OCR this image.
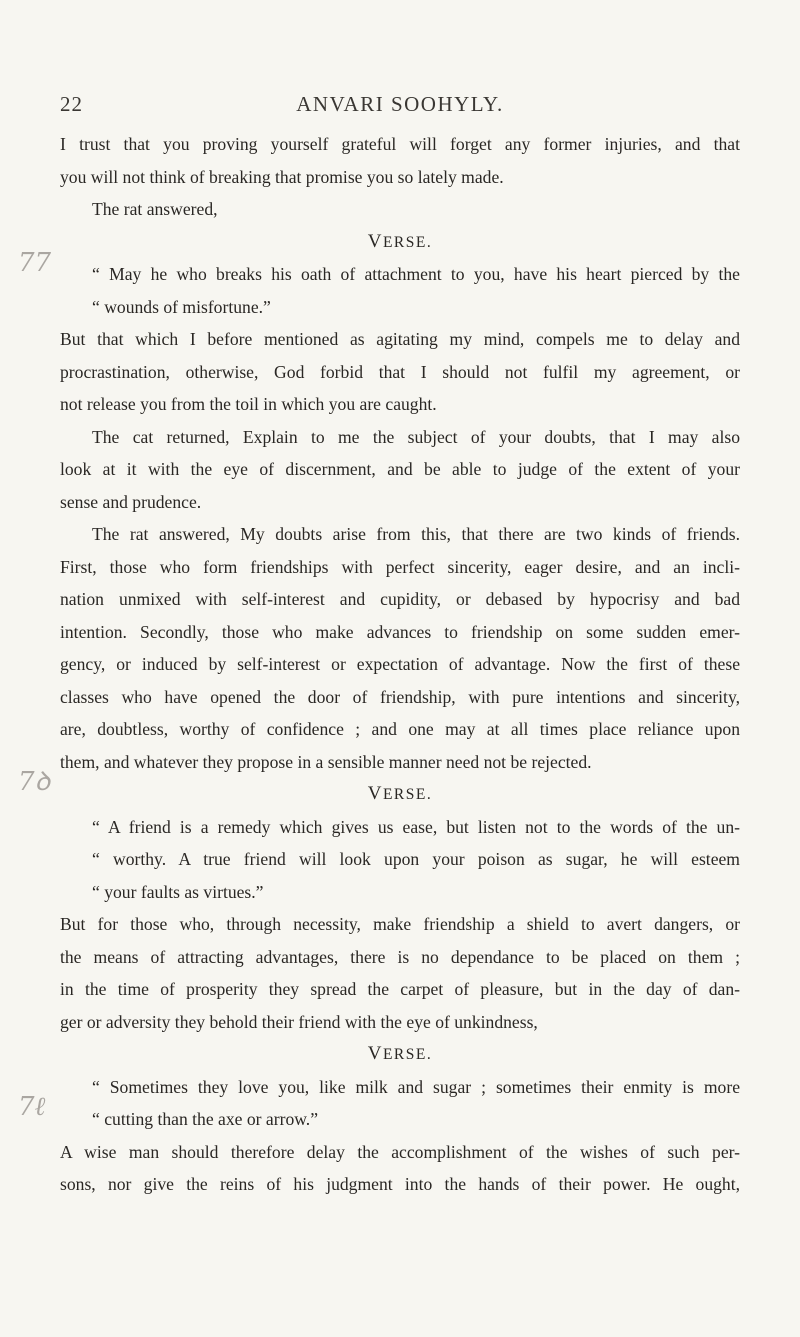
77
7ꝺ
7ℓ
22	ANVARI SOOHYLY.
I trust that you proving yourself grateful will forget any former injuries, and that
you will not think of breaking that promise you so lately made.
The rat answered,
VERSE.
“ May he who breaks his oath of attachment to you, have his heart pierced by the
“ wounds of misfortune.”
But that which I before mentioned as agitating my mind, compels me to delay and
procrastination, otherwise, God forbid that I should not fulfil my agreement, or
not release you from the toil in which you are caught.
The cat returned, Explain to me the subject of your doubts, that I may also
look at it with the eye of discernment, and be able to judge of the extent of your
sense and prudence.
The rat answered, My doubts arise from this, that there are two kinds of friends.
First, those who form friendships with perfect sincerity, eager desire, and an incli-
nation unmixed with self-interest and cupidity, or debased by hypocrisy and bad
intention. Secondly, those who make advances to friendship on some sudden emer-
gency, or induced by self-interest or expectation of advantage. Now the first of these
classes who have opened the door of friendship, with pure intentions and sincerity,
are, doubtless, worthy of confidence ; and one may at all times place reliance upon
them, and whatever they propose in a sensible manner need not be rejected.
VERSE.
“ A friend is a remedy which gives us ease, but listen not to the words of the un-
“ worthy. A true friend will look upon your poison as sugar, he will esteem
“ your faults as virtues.”
But for those who, through necessity, make friendship a shield to avert dangers, or
the means of attracting advantages, there is no dependance to be placed on them ;
in the time of prosperity they spread the carpet of pleasure, but in the day of dan-
ger or adversity they behold their friend with the eye of unkindness,
VERSE.
“ Sometimes they love you, like milk and sugar ; sometimes their enmity is more
“ cutting than the axe or arrow.”
A wise man should therefore delay the accomplishment of the wishes of such per-
sons, nor give the reins of his judgment into the hands of their power. He ought,
